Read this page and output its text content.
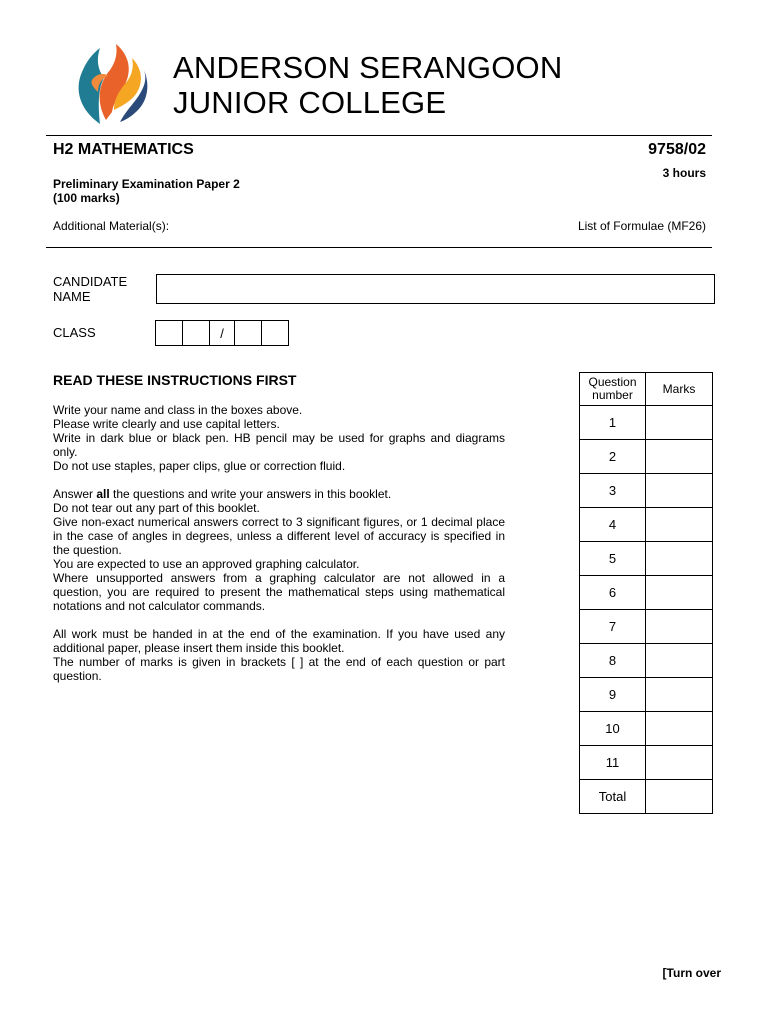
ANDERSON SERANGOON
JUNIOR COLLEGE
H2 MATHEMATICS	9758/02
3 hours
Preliminary Examination Paper 2
(100 marks)
Additional Material(s):	List of Formulae (MF26)
CANDIDATE
NAME
CLASS	/
READ THESE INSTRUCTIONS FIRST

Write your name and class in the boxes above.

Please write clearly and use capital letters.

Write in dark blue or black pen. HB pencil may be used for graphs and diagrams only.

Do not use staples, paper clips, glue or correction fluid.

Answer all the questions and write your answers in this booklet.

Do not tear out any part of this booklet.

Give non-exact numerical answers correct to 3 significant figures, or 1 decimal place in the case of angles in degrees, unless a different level of accuracy is specified in the question.

You are expected to use an approved graphing calculator.

Where unsupported answers from a graphing calculator are not allowed in a question, you are required to present the mathematical steps using mathematical notations and not calculator commands.

All work must be handed in at the end of the examination. If you have used any additional paper, please insert them inside this booklet.

The number of marks is given in brackets [ ] at the end of each question or part question.

Question
number	Marks
1	
2	
3	
4	
5	
6	
7	
8	
9	
10	
11	
Total	
[Turn over
